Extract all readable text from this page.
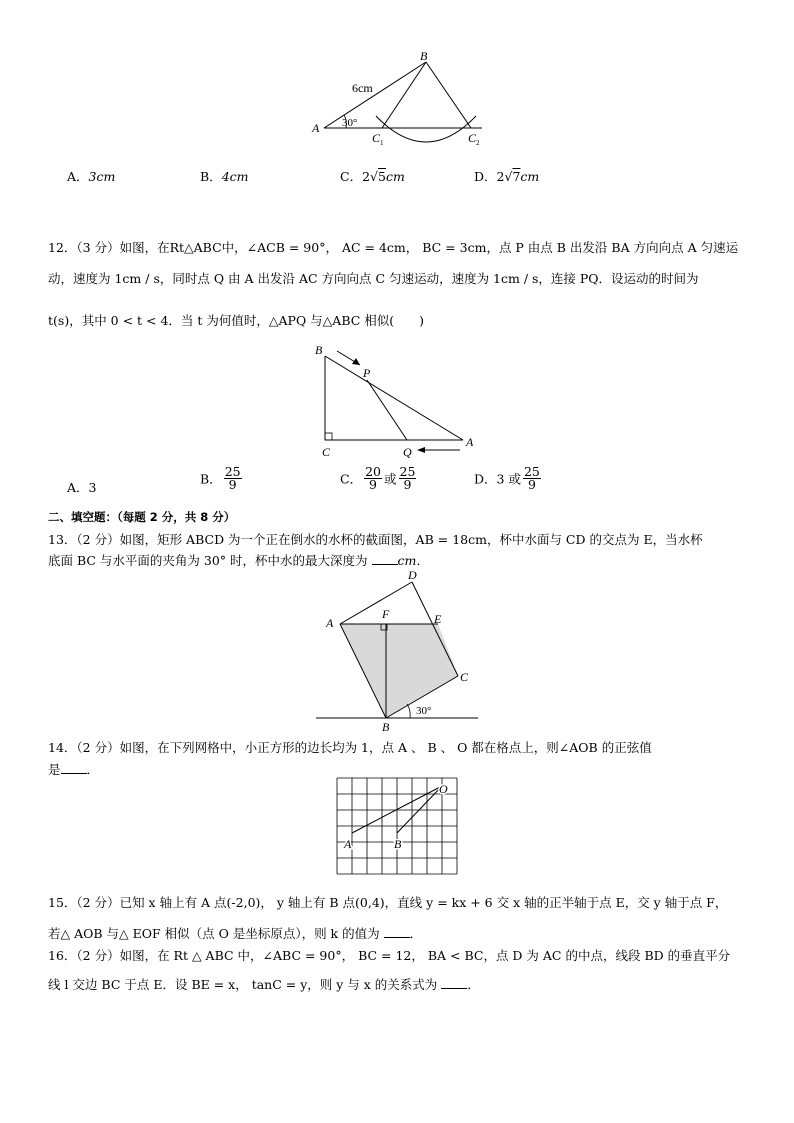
B
6cm
A 30°
C 1	C 2
A．3cm	B．4cm	C．2√5cm	D．2√7cm
12．（3 分）如图，在Rt△ABC中，∠ACB = 90°， AC = 4cm， BC = 3cm，点 P 由点 B 出发沿 BA 方向向点 A 匀速运
动，速度为 1cm / s，同时点 Q 由 A 出发沿 AC 方向向点 C 匀速运动，速度为 1cm / s，连接 PQ．设运动的时间为
t(s)，其中 0 < t < 4．当 t 为何值时，△APQ 与△ABC 相似(　　)
B
P
C	Q
A
A．3
B． $\frac{25}{9}$	C． $\frac{20}{9}$ 或 $\frac{25}{9}$	D．3 或 $\frac{25}{9}$
二、填空题：（每题 2 分，共 8 分）
13．（2 分）如图，矩形 ABCD 为一个正在倒水的水杯的截面图，AB = 18cm，杯中水面与 CD 的交点为 E，当水杯
底面 BC 与水平面的夹角为 30° 时，杯中水的最大深度为 cm．
D
F
A	E
C
B
30°
14．（2 分）如图，在下列网格中，小正方形的边长均为 1，点 A 、 B 、 O 都在格点上，则∠AOB 的正弦值
是 ．
O
A	B
15．（2 分）已知 x 轴上有 A 点(-2,0)， y 轴上有 B 点(0,4)，直线 y = kx + 6 交 x 轴的正半轴于点 E，交 y 轴于点 F，
若△ AOB 与△ EOF 相似（点 O 是坐标原点），则 k 的值为 ．
16．（2 分）如图，在 Rt △ ABC 中，∠ABC = 90°， BC = 12， BA < BC，点 D 为 AC 的中点，线段 BD 的垂直平分
线 l 交边 BC 于点 E．设 BE = x， tanC = y，则 y 与 x 的关系式为 ．
